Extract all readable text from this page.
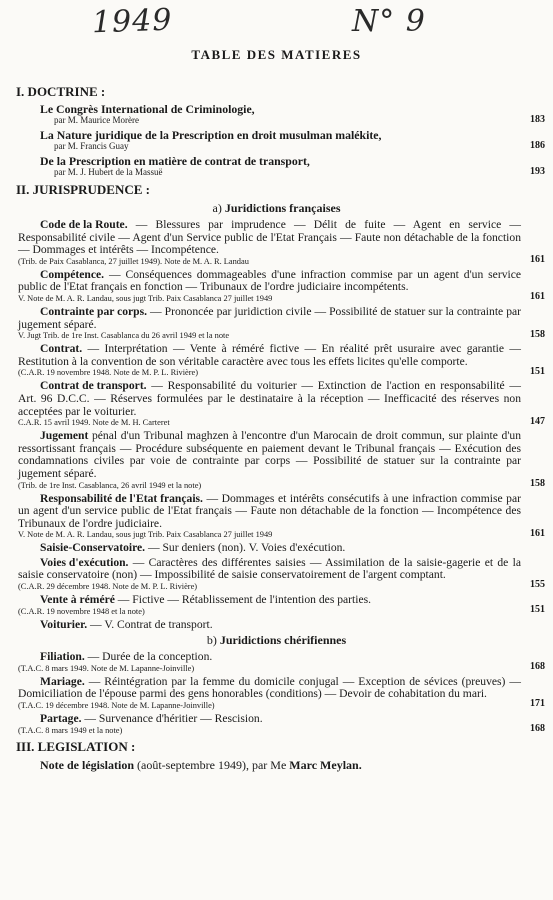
1949	N° 9
TABLE DES MATIERES
I. DOCTRINE :
Le Congrès International de Criminologie,
par M. Maurice Morère	183
La Nature juridique de la Prescription en droit musulman malékite,
par M. Francis Guay	186
De la Prescription en matière de contrat de transport,
par M. J. Hubert de la Massuë	193
II. JURISPRUDENCE :
a) Juridictions françaises
Code de la Route. — Blessures par imprudence — Délit de fuite — Agent en service — Responsabilité civile — Agent d'un Service public de l'Etat Français — Faute non détachable de la fonction — Dommages et intérêts — Incompétence.
(Trib. de Paix Casablanca, 27 juillet 1949). Note de M. A. R. Landau	161
Compétence. — Conséquences dommageables d'une infraction commise par un agent d'un service public de l'Etat français en fonction — Tribunaux de l'ordre judiciaire incompétents.
V. Note de M. A. R. Landau, sous jugt Trib. Paix Casablanca 27 juillet 1949	161
Contrainte par corps. — Prononcée par juridiction civile — Possibilité de statuer sur la contrainte par jugement séparé.
V. Jugt Trib. de 1re Inst. Casablanca du 26 avril 1949 et la note	158
Contrat. — Interprétation — Vente à réméré fictive — En réalité prêt usuraire avec garantie — Restitution à la convention de son véritable caractère avec tous les effets licites qu'elle comporte.
(C.A.R. 19 novembre 1948. Note de M. P. L. Rivière)	151
Contrat de transport. — Responsabilité du voiturier — Extinction de l'action en responsabilité — Art. 96 D.C.C. — Réserves formulées par le destinataire à la réception — Inefficacité des réserves non acceptées par le voiturier.
C.A.R. 15 avril 1949. Note de M. H. Carteret	147
Jugement pénal d'un Tribunal maghzen à l'encontre d'un Marocain de droit commun, sur plainte d'un ressortissant français — Procédure subséquente en paiement devant le Tribunal français — Exécution des condamnations civiles par voie de contrainte par corps — Possibilité de statuer sur la contrainte par jugement séparé.
(Trib. de 1re Inst. Casablanca, 26 avril 1949 et la note)	158
Responsabilité de l'Etat français. — Dommages et intérêts consécutifs à une infraction commise par un agent d'un service public de l'Etat français — Faute non détachable de la fonction — Incompétence des Tribunaux de l'ordre judiciaire.
V. Note de M. A. R. Landau, sous jugt Trib. Paix Casablanca 27 juillet 1949	161
Saisie-Conservatoire. — Sur deniers (non). V. Voies d'exécution.
Voies d'exécution. — Caractères des différentes saisies — Assimilation de la saisie-gagerie et de la saisie conservatoire (non) — Impossibilité de saisie conservatoirement de l'argent comptant.
(C.A.R. 29 décembre 1948. Note de M. P. L. Rivière)	155
Vente à réméré — Fictive — Rétablissement de l'intention des parties.
(C.A.R. 19 novembre 1948 et la note)	151
Voiturier. — V. Contrat de transport.
b) Juridictions chérifiennes
Filiation. — Durée de la conception.
(T.A.C. 8 mars 1949. Note de M. Lapanne-Joinville)	168
Mariage. — Réintégration par la femme du domicile conjugal — Exception de sévices (preuves) — Domiciliation de l'épouse parmi des gens honorables (conditions) — Devoir de cohabitation du mari.
(T.A.C. 19 décembre 1948. Note de M. Lapanne-Joinville)	171
Partage. — Survenance d'héritier — Rescision.
(T.A.C. 8 mars 1949 et la note)	168
III. LEGISLATION :
Note de législation (août-septembre 1949), par Me Marc Meylan.
